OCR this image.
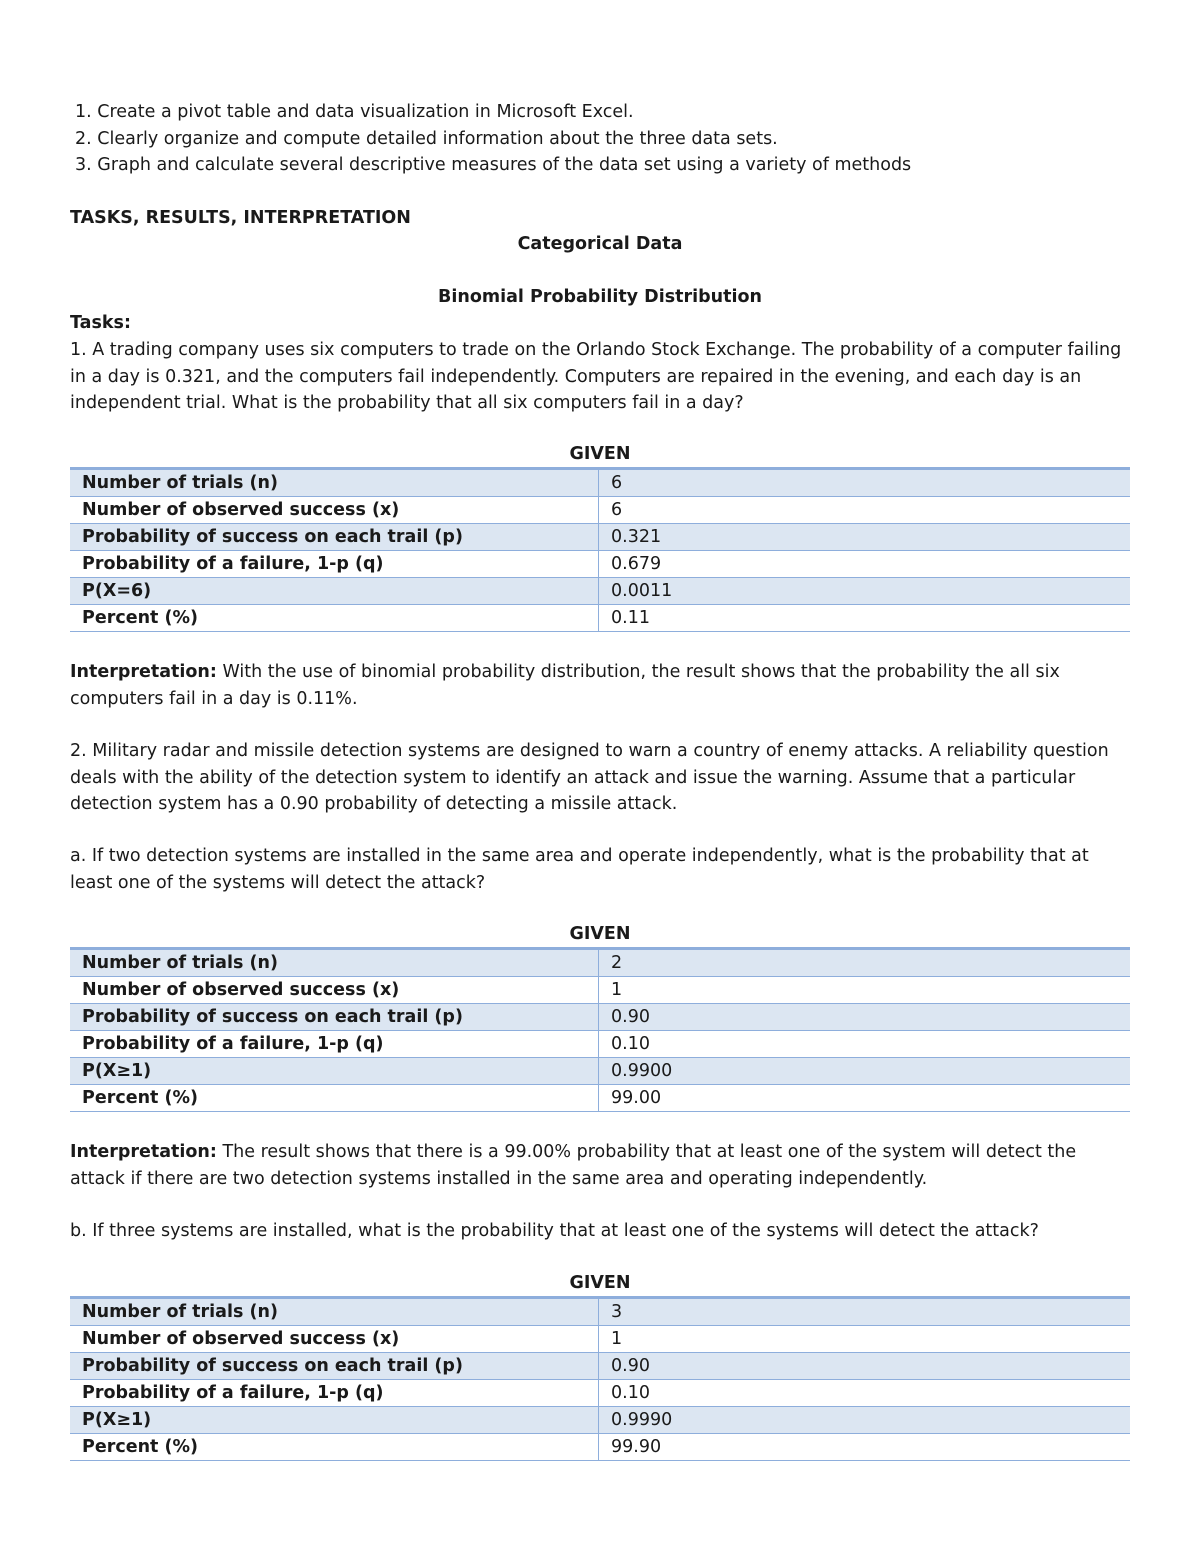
1. Create a pivot table and data visualization in Microsoft Excel.
2. Clearly organize and compute detailed information about the three data sets.
3. Graph and calculate several descriptive measures of the data set using a variety of methods
TASKS, RESULTS, INTERPRETATION
Categorical Data
Binomial Probability Distribution
Tasks:
1. A trading company uses six computers to trade on the Orlando Stock Exchange. The probability of a computer failing in a day is 0.321, and the computers fail independently. Computers are repaired in the evening, and each day is an independent trial. What is the probability that all six computers fail in a day?
GIVEN
Number of trials (n)	6
Number of observed success (x)	6
Probability of success on each trail (p)	0.321
Probability of a failure, 1-p (q)	0.679
P(X=6)	0.0011
Percent (%)	0.11
Interpretation: With the use of binomial probability distribution, the result shows that the probability the all six computers fail in a day is 0.11%.
2. Military radar and missile detection systems are designed to warn a country of enemy attacks. A reliability question deals with the ability of the detection system to identify an attack and issue the warning. Assume that a particular detection system has a 0.90 probability of detecting a missile attack.
a. If two detection systems are installed in the same area and operate independently, what is the probability that at least one of the systems will detect the attack?
GIVEN
Number of trials (n)	2
Number of observed success (x)	1
Probability of success on each trail (p)	0.90
Probability of a failure, 1-p (q)	0.10
P(X≥1)	0.9900
Percent (%)	99.00
Interpretation: The result shows that there is a 99.00% probability that at least one of the system will detect the attack if there are two detection systems installed in the same area and operating independently.
b. If three systems are installed, what is the probability that at least one of the systems will detect the attack?
GIVEN
Number of trials (n)	3
Number of observed success (x)	1
Probability of success on each trail (p)	0.90
Probability of a failure, 1-p (q)	0.10
P(X≥1)	0.9990
Percent (%)	99.90
